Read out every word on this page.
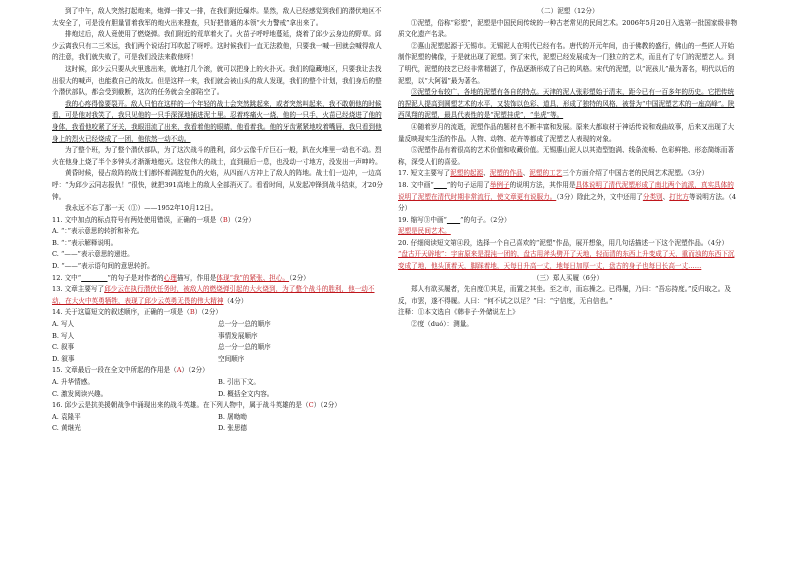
到了中午，敌人突然打起炮来，炮弹一排又一排，在我们附近爆炸。显然，敌人已经感觉到我们的潜伏地区不太安全了，可是没有胆量冒着我军的炮火出来搜查，只好把普通的本领“火力警戒”拿出来了。

排炮过后，敌人竟使用了燃烧弹。我们附近的荒草着火了。火苗子呼呼地蔓延，烧着了邱少云身边的野草。邱少云离我只有二三米远，我们两个说话打耳吹起了呀呼。这时候我们一直无法救他，只要我一喊一回就会喊得敌人的注意，我们就失败了，可是我们没法来救他呀！

这时候，邱少云只要从火里逃出来，就地打几个滚，就可以把身上的火扑灭。我们的隐藏地区，只要我让去找出很大的喊声，也能救自己的战友。但是这样一来，我们就会被山头的敌人发现，我们的整个计划，我们身后的整个潜伏部队，都会受到截断，这次的任务就会全部陷空了。

我的心疼得像要裂开。敌人只怕在这样的一个年轻的战士会突然跳起来，或者突然叫起来，我不敢朝他的时候看，可是他对我笑了，我只见他的一只手深深地插进泥土里。忍着疼痛火一烧，他的一只手，火苗已经烧进了他的身体，我看他咬紧了牙关，我眼泪流了出来，我看着他的眼睛，他看着我。他的牙齿紧紧地咬着嘴唇，我只看到他身上的烈火已经烧成了一团，他依然一动不动。

为了整个班，为了整个潜伏部队，为了这次战斗的胜利，邱少云像千斤巨石一般，趴在火堆里一动也不动。烈火在他身上烧了半个多钟头才渐渐地熄灭。这位伟大的战士，直到最后一息，也没动一寸地方，没发出一声呻吟。

黄昏时候，侵占敌阵的战士们都怀着满腔复仇的火焰，从四面八方冲上了敌人的阵地。战士们一边冲，一边高呼：“为邱少云同志报仇！”很快，就把391高地上的敌人全部消灭了。看看时间，从发起冲锋到战斗结束，才20分钟。

我永远不忘了那一天（①）——1952年10月12日。

11. 文中加点的标点符号有两处使用错误，正确的一项是（B）（2分）

A. “：”表示意思的转折和补充。

B. “：”表示解释说明。

C. “——”表示意思的递进。

D. “——”表示语句间的意思转折。

12. 文中“    	”的句子是对作者的心理描写，作用是体现“我”的紧张、担心。（2分）

13. 文章主要写了邱少云在执行潜伏任务时，被敌人的燃烧弹引起的大火烧到，为了整个战斗的胜利，他一动不动，在大火中英勇牺牲，表现了邱少云英勇无畏的伟大精神（4分）

14. 关于这篇短文的叙述顺序，正确的一项是（B）（2分）

A. 写人	总一分一总的顺序

B. 写人	事情发展顺序

C. 叙事	总一分一总的顺序

D. 叙事	空间顺序

15. 文章最后一段在全文中所起的作用是（A）（2分）

A. 升华情感。	B. 引出下文。

C. 激发阅读兴趣。	D. 概括全文内容。

16. 邱少云是抗美援朝战争中涌现出来的战斗英雄。在下列人物中，属于战斗英雄的是（C）（2分）

A. 袁隆平	B. 屠呦呦

C. 黄继光	D. 张思德

（二）泥塑（12分）

①泥塑，俗称“彩塑”，泥塑是中国民间传统的一种古老常见的民间艺术。2006年5月20日入选第一批国家级非物质文化遗产名录。

②惠山泥塑起源于无锡市。无锡泥人在明代已经有名。唐代的开元年间，由于佛教的盛行，佛山的一些匠人开始制作泥塑的佛像，于是就出现了泥塑。到了宋代，泥塑已经发展成为一门独立的艺术，而且有了专门的泥塑艺人。到了明代，泥塑的技艺已经非常精湛了，作品逐渐形成了自己的风格。宋代的泥塑，以“泥孩儿”最为著名，明代以后的泥塑，以“大阿福”最为著名。

③泥塑分布较广，各地的泥塑有各自的特点。天津的泥人张彩塑始于清末，距今已有一百多年的历史。它把传统的捏泥人提高到圆塑艺术的水平，又装饰以色彩、道具，形成了独特的风格，被誉为“中国泥塑艺术的一座高峰”。陕西凤翔的泥塑，最具代表性的是“泥塑挂虎”，“坐虎”等。

④随着岁月的流逝，泥塑作品的题材也不断丰富和发展。原来大都取材于神话传说和戏曲故事，后来又出现了大量反映现实生活的作品。人物、动物、花卉等都成了泥塑艺人表现的对象。

⑤泥塑作品有着很高的艺术价值和收藏价值。无锡惠山泥人以其造型饱满、线条流畅、色彩鲜艳、形态简练而著称，深受人们的喜爱。

17. 短文主要写了泥塑的起源、泥塑的作品、泥塑的工艺三个方面介绍了中国古老的民间艺术泥塑。（3分）

18. 文中画“   ”的句子运用了举例子的说明方法，其作用是具体说明了清代泥塑形成了南北两个流派，真实具体的说明了泥塑在清代时期非常流行，使文章更有说服力。（3分）除此之外，文中还用了分类别、打比方等说明方法。（4分）

19. 缩写③中画“   ”的句子。（2分）

泥塑是民间艺术。

20. 仔细阅读短文第④段，选择一个自己喜欢的“泥塑”作品，展开想象，用几句话描述一下这个泥塑作品。（4分）

“盘古开天辟地”：宇宙原来是混沌一团的，盘古用斧头劈开了天地，轻而清的东西上升变成了天，重而浊的东西下沉变成了地，他头顶着天，脚踩着地，天每日升高一丈，地每日加厚一丈，盘古的身子也每日长高一丈……

（三）郑人买履（6分）

郑人有欲买履者，先自度①其足，而置之其坐。至之市，而忘操之。已得履，乃曰：“吾忘持度。”反归取之。及反，市罢，遂不得履。人曰：“何不试之以足？”曰：“宁信度，无自信也。”

注释：①本文选自《韩非子·外储说左上》

②度（duó）：测量。
